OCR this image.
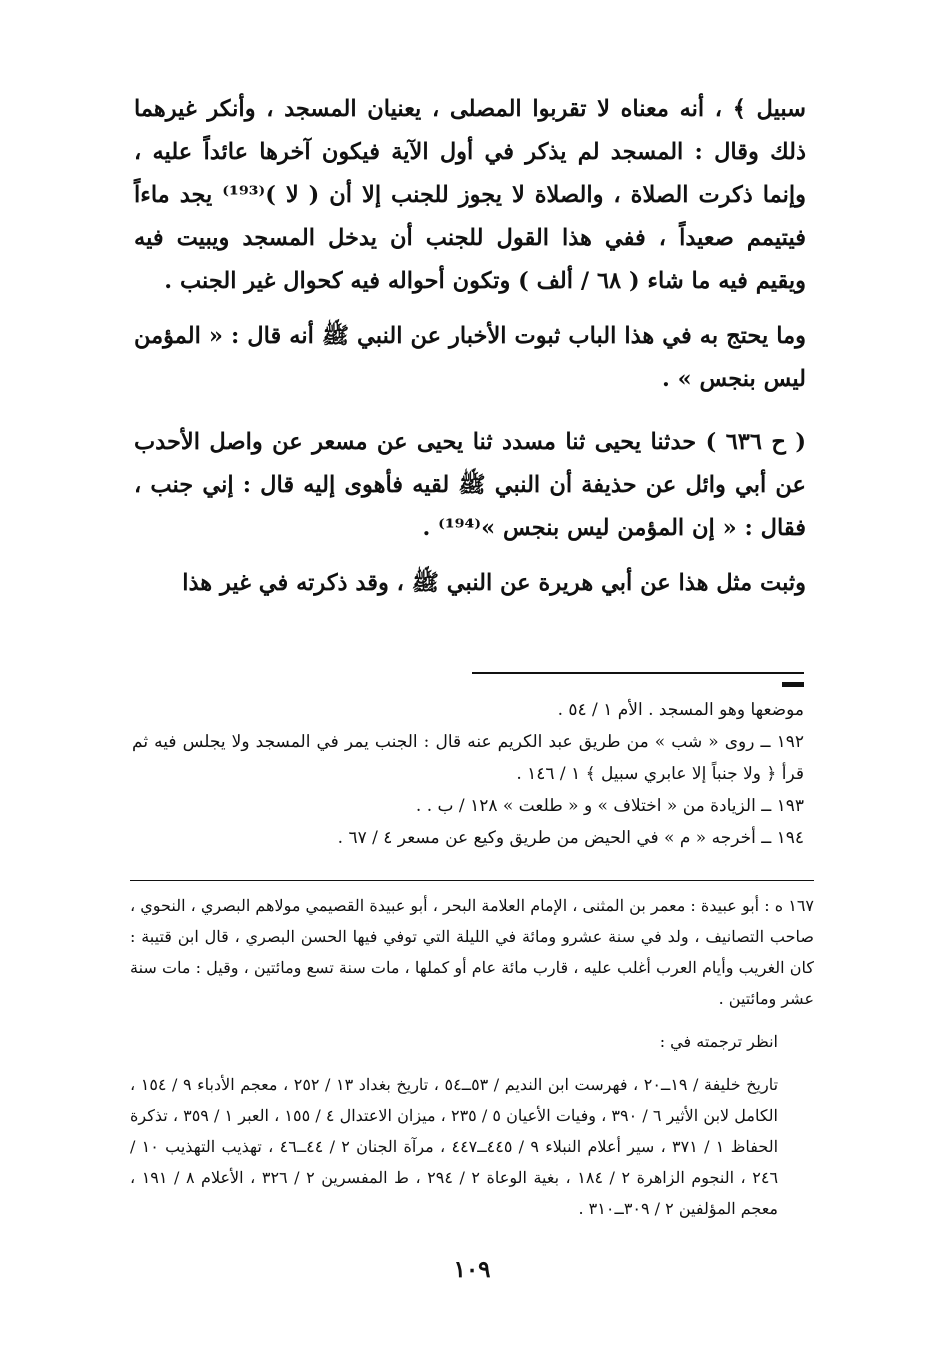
سبيل ﴾ ، أنه معناه لا تقربوا المصلى ، يعنيان المسجد ، وأنكر غيرهما ذلك وقال : المسجد لم يذكر في أول الآية فيكون آخرها عائداً عليه ، وإنما ذكرت الصلاة ، والصلاة لا يجوز للجنب إلا أن ( لا )⁽¹⁹³⁾ يجد ماءاً فيتيمم صعيداً ، ففي هذا القول للجنب أن يدخل المسجد ويبيت فيه ويقيم فيه ما شاء ( ٦٨ / ألف ) وتكون أحواله فيه كحوال غير الجنب .

وما يحتج به في هذا الباب ثبوت الأخبار عن النبي ﷺ أنه قال : « المؤمن ليس بنجس » .

( ح ٦٣٦ ) حدثنا يحيى ثنا مسدد ثنا يحيى عن مسعر عن واصل الأحدب عن أبي وائل عن حذيفة أن النبي ﷺ لقيه فأهوى إليه قال : إني جنب ، فقال : « إن المؤمن ليس بنجس »⁽¹⁹⁴⁾ .

وثبت مثل هذا عن أبي هريرة عن النبي ﷺ ، وقد ذكرته في غير هذا

موضعها وهو المسجد . الأم ١ / ٥٤ .

١٩٢ ــ روى « شب » من طريق عبد الكريم عنه قال : الجنب يمر في المسجد ولا يجلس فيه ثم قرأ ﴿ ولا جنباً إلا عابري سبيل ﴾ ١ / ١٤٦ .

١٩٣ ــ الزيادة من « اختلاف » و « طلعت » ١٢٨ / ب . .

١٩٤ ــ أخرجه « م » في الحيض من طريق وكيع عن مسعر ٤ / ٦٧ .

١٦٧ ه : أبو عبيدة : معمر بن المثنى ، الإمام العلامة البحر ، أبو عبيدة القصيمي مولاهم البصري ، النحوي ، صاحب التصانيف ، ولد في سنة عشرو ومائة في الليلة التي توفي فيها الحسن البصري ، قال ابن قتيبة : كان الغريب وأيام العرب أغلب عليه ، قارب مائة عام أو كملها ، مات سنة تسع ومائتين ، وقيل : مات سنة عشر ومائتين .

انظر ترجمته في :

تاريخ خليفة / ١٩ــ٢٠ ، فهرست ابن النديم / ٥٣ــ٥٤ ، تاريخ بغداد ١٣ / ٢٥٢ ، معجم الأدباء ٩ / ١٥٤ ، الكامل لابن الأثير ٦ / ٣٩٠ ، وفيات الأعيان ٥ / ٢٣٥ ، ميزان الاعتدال ٤ / ١٥٥ ، العبر ١ / ٣٥٩ ، تذكرة الحفاظ ١ / ٣٧١ ، سير أعلام النبلاء ٩ / ٤٤٥ــ٤٤٧ ، مرآة الجنان ٢ / ٤٤ــ٤٦ ، تهذيب التهذيب ١٠ / ٢٤٦ ، النجوم الزاهرة ٢ / ١٨٤ ، بغية الوعاة ٢ / ٢٩٤ ، ط المفسرين ٢ / ٣٢٦ ، الأعلام ٨ / ١٩١ ، معجم المؤلفين ٢ / ٣٠٩ــ٣١٠ .

١٠٩
